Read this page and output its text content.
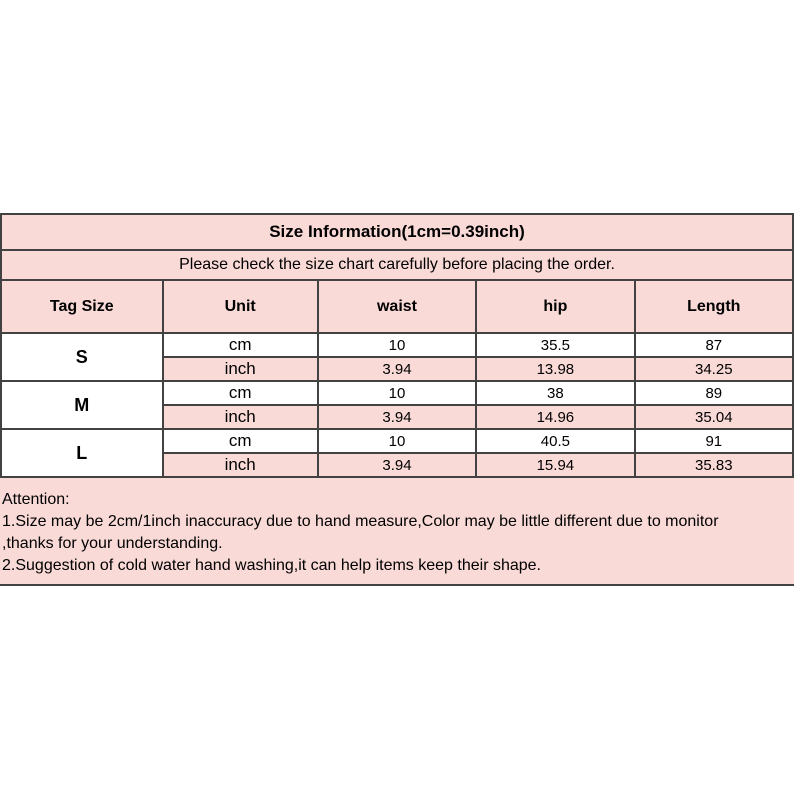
Size Information(1cm=0.39inch)				
Please check the size chart carefully before placing the order.				
Tag Size	Unit	waist	hip	Length
S	cm	10	35.5	87
	inch	3.94	13.98	34.25
M	cm	10	38	89
	inch	3.94	14.96	35.04
L	cm	10	40.5	91
	inch	3.94	15.94	35.83
Attention:
1.Size may be 2cm/1inch inaccuracy due to hand measure,Color may be little different due to monitor
,thanks for your understanding.
2.Suggestion of cold water hand washing,it can help items keep their shape.
